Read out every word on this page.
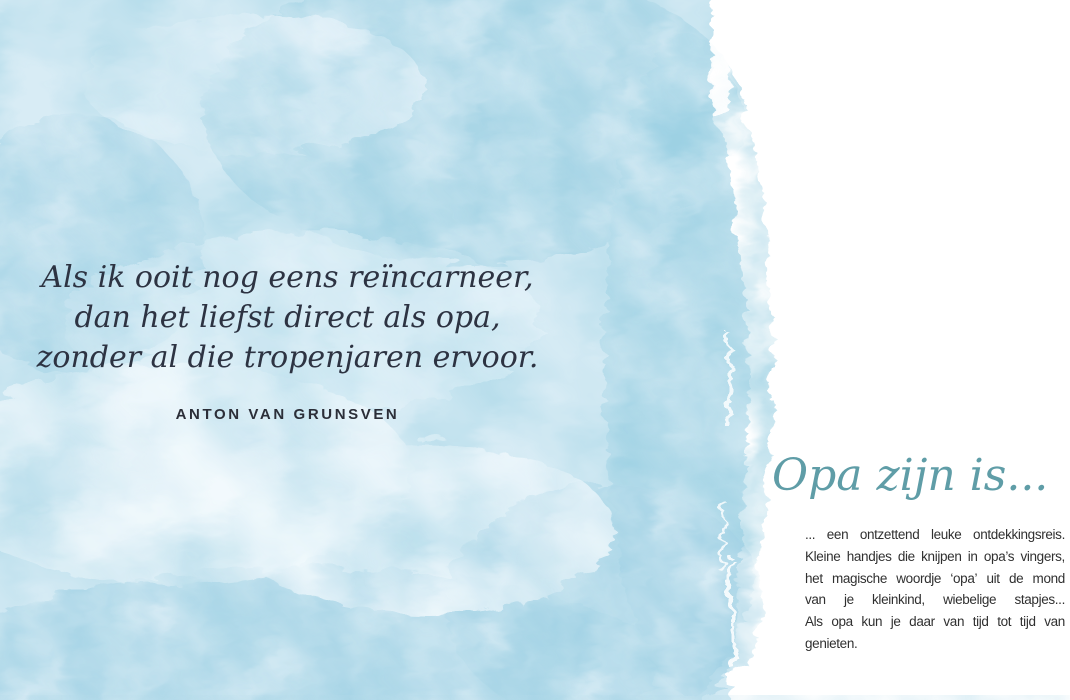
Als ik ooit nog eens reïncarneer,
dan het liefst direct als opa,
zonder al die tropenjaren ervoor.
ANTON VAN GRUNSVEN
Opa zijn is...
... een ontzettend leuke ontdekkingsreis.
Kleine handjes die knijpen in opa’s vingers,
het magische woordje ‘opa’ uit de mond
van je kleinkind, wiebelige stapjes...
Als opa kun je daar van tijd tot tijd van
genieten.
